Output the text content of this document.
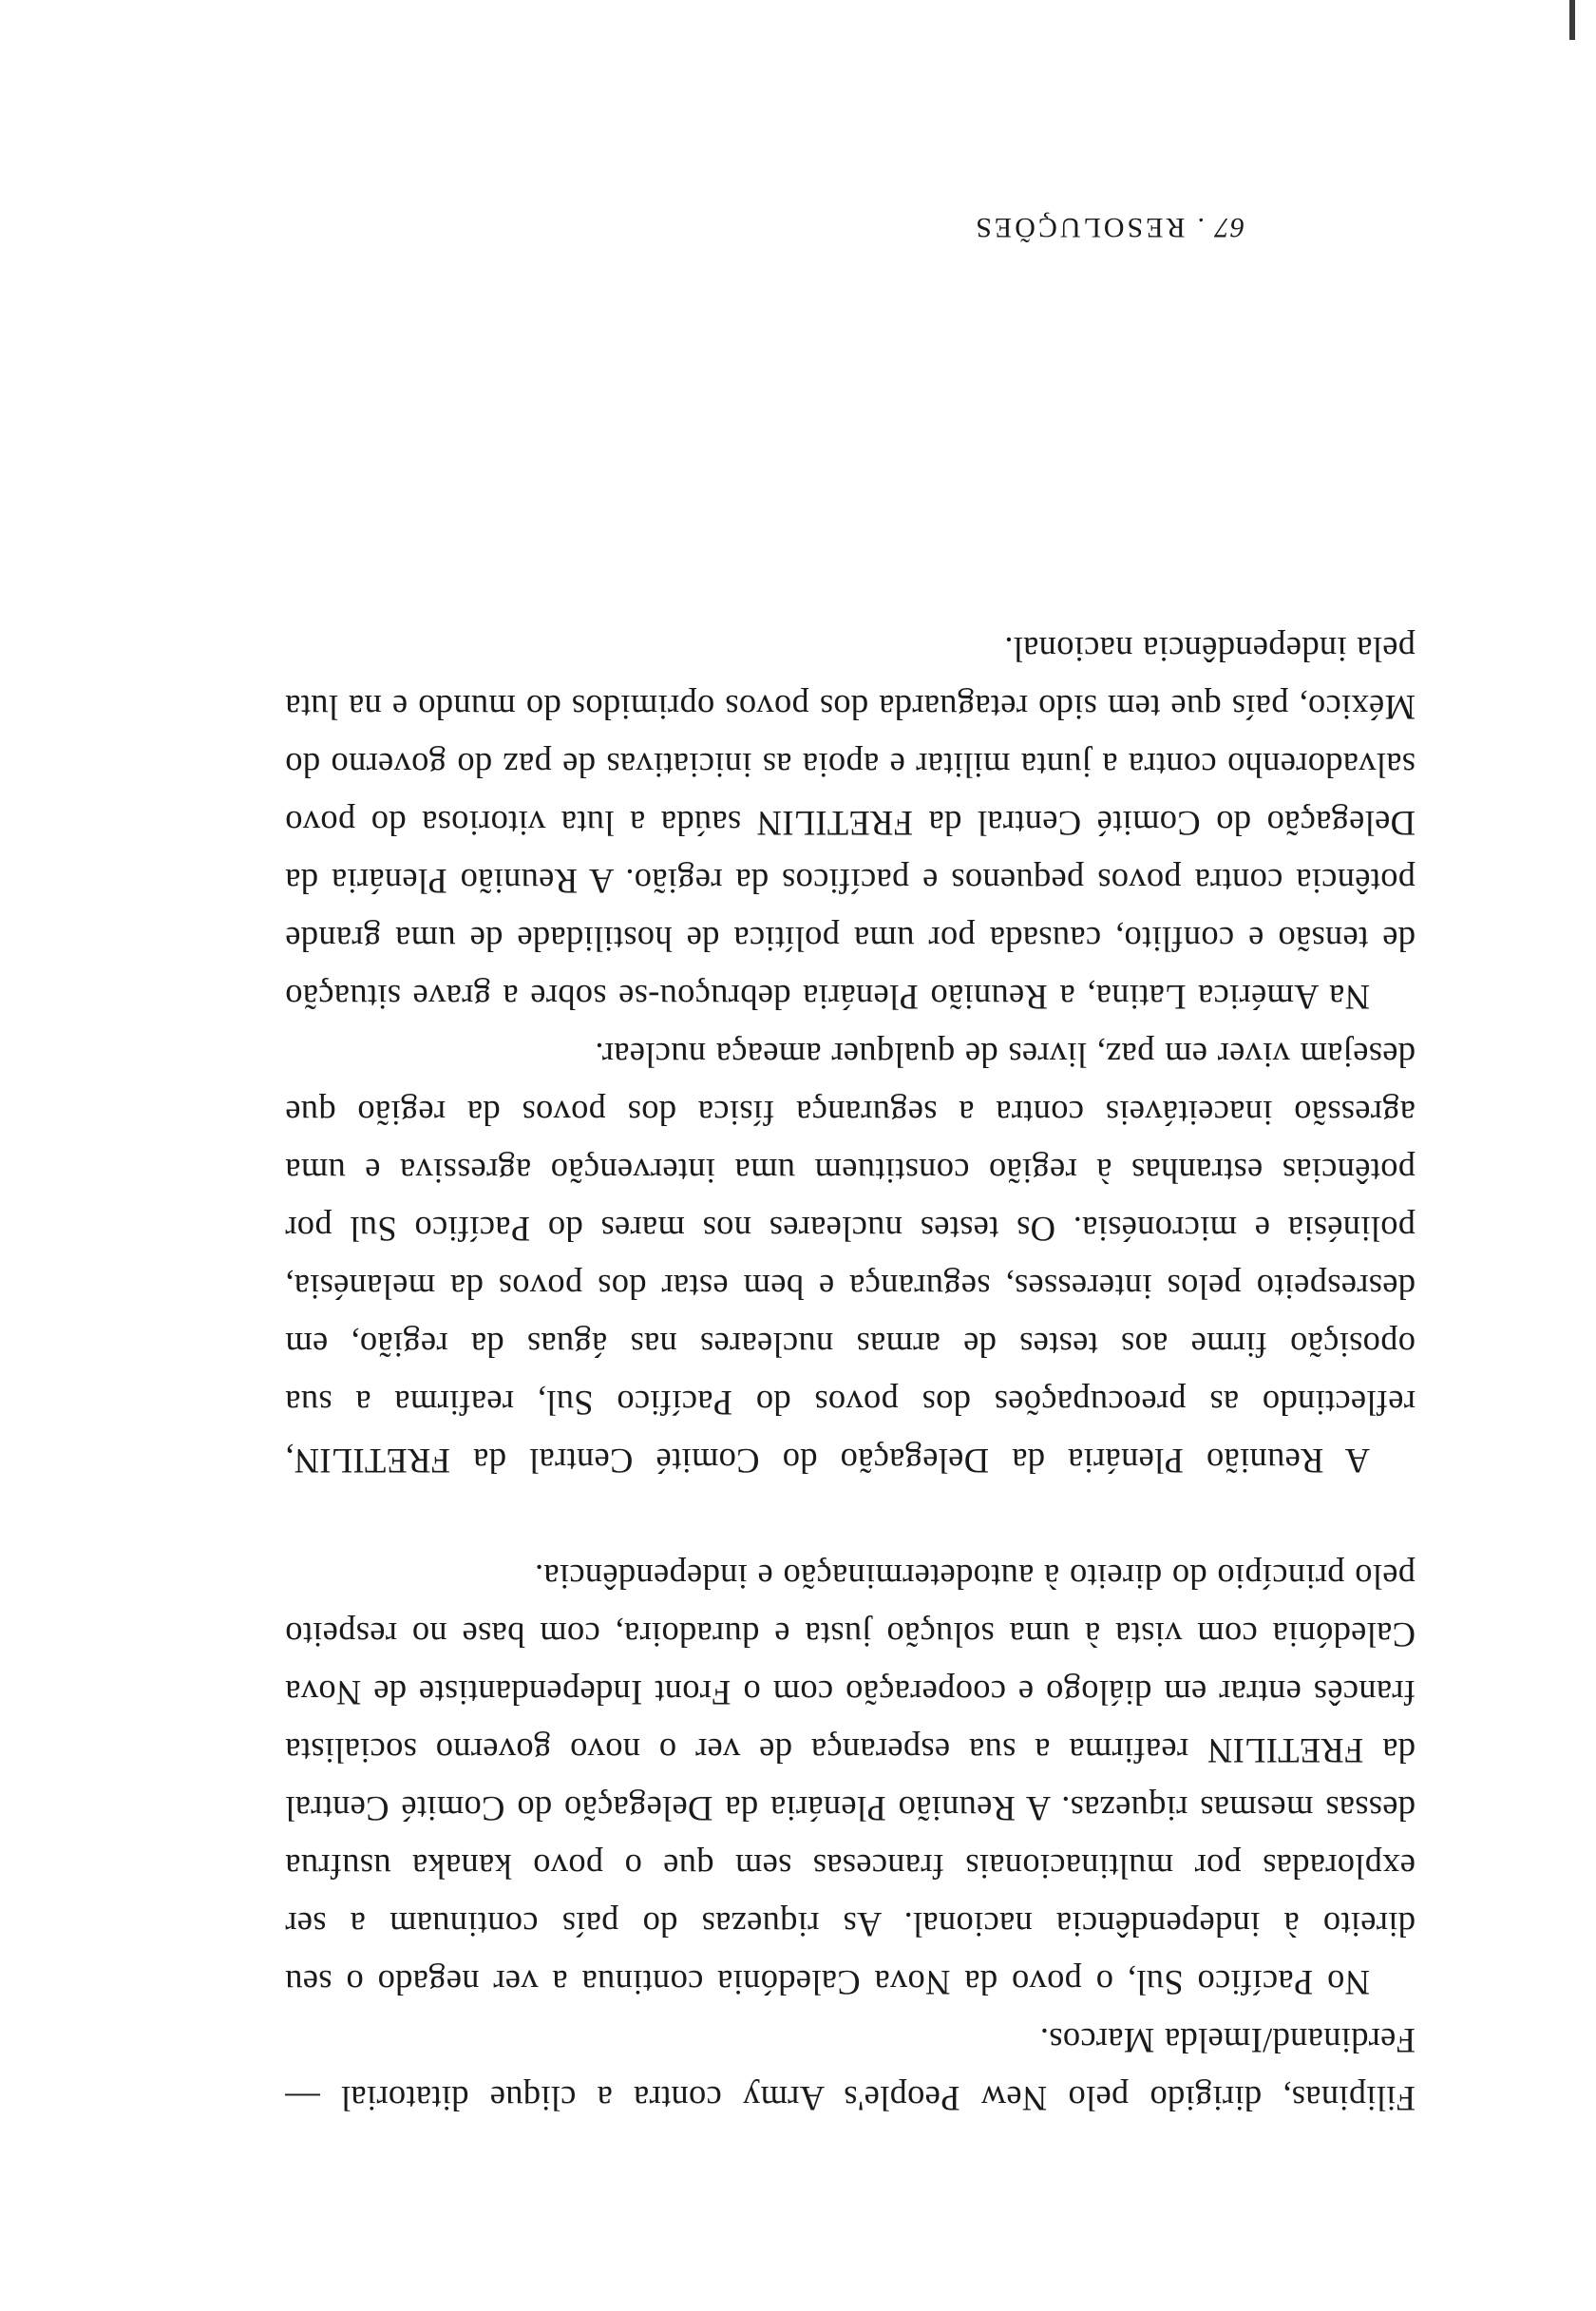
Filipinas, dirigido pelo New People's Army contra a clique ditatorial — Ferdinand/Imelda Marcos.

No Pacífico Sul, o povo da Nova Caledónia continua a ver negado o seu direito à independência nacional. As riquezas do país continuam a ser exploradas por multinacionais francesas sem que o povo kanaka usufrua dessas mesmas riquezas. A Reunião Plenária da Delegação do Comité Central da FRETILIN reafirma a sua esperança de ver o novo governo socialista francês entrar em diálogo e cooperação com o Front Independantiste de Nova Caledónia com vista à uma solução justa e duradoira, com base no respeito pelo princípio do direito à autodeterminação e independência.

A Reunião Plenária da Delegação do Comité Central da FRETILIN, reflectindo as preocupações dos povos do Pacífico Sul, reafirma a sua oposição firme aos testes de armas nucleares nas águas da região, em desrespeito pelos interesses, segurança e bem estar dos povos da melanésia, polinésia e micronésia. Os testes nucleares nos mares do Pacífico Sul por potências estranhas à região constituem uma intervenção agressiva e uma agressão inaceitáveis contra a segurança física dos povos da região que desejam viver em paz, livres de qualquer ameaça nuclear.

Na América Latina, a Reunião Plenária debruçou-se sobre a grave situação de tensão e conflito, causada por uma política de hostilidade de uma grande potência contra povos pequenos e pacíficos da região. A Reunião Plenária da Delegação do Comité Central da FRETILIN saúda a luta vitoriosa do povo salvadorenho contra a junta militar e apoia as iniciativas de paz do governo do México, país que tem sido retaguarda dos povos oprimidos do mundo e na luta pela independência nacional.

67.RESOLUÇÕES
